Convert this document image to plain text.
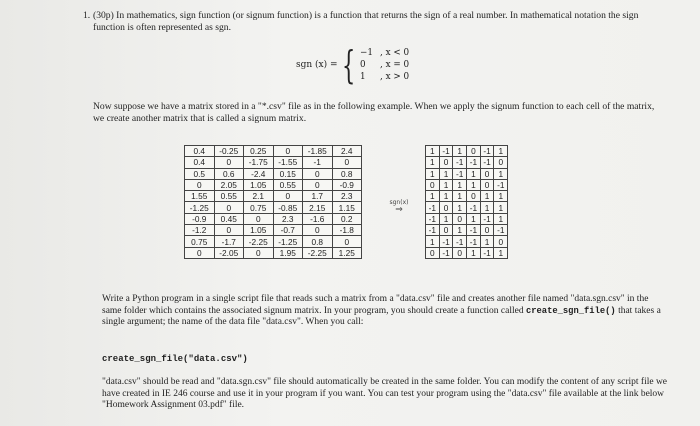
1. (30p) In mathematics, sign function (or signum function) is a function that returns the sign of a real number. In mathematical notation the sign function is often represented as sgn.

sgn (x) = { −1 , x < 0
0 , x = 0
1 , x > 0

Now suppose we have a matrix stored in a "*.csv" file as in the following example. When we apply the signum function to each cell of the matrix, we create another matrix that is called a signum matrix.

0.4	-0.25	0.25	0	-1.85	2.4
0.4	0	-1.75	-1.55	-1	0
0.5	0.6	-2.4	0.15	0	0.8
0	2.05	1.05	0.55	0	-0.9
1.55	0.55	2.1	0	1.7	2.3
-1.25	0	0.75	-0.85	2.15	1.15
-0.9	0.45	0	2.3	-1.6	0.2
-1.2	0	1.05	-0.7	0	-1.8
0.75	-1.7	-2.25	-1.25	0.8	0
0	-2.05	0	1.95	-2.25	1.25
sgn(x)
⇒
1	-1	1	0	-1	1
1	0	-1	-1	-1	0
1	1	-1	1	0	1
0	1	1	1	0	-1
1	1	1	0	1	1
-1	0	1	-1	1	1
-1	1	0	1	-1	1
-1	0	1	-1	0	-1
1	-1	-1	-1	1	0
0	-1	0	1	-1	1

Write a Python program in a single script file that reads such a matrix from a "data.csv" file and creates another file named "data.sgn.csv" in the same folder which contains the associated signum matrix. In your program, you should create a function called create_sgn_file() that takes a single argument; the name of the data file "data.csv". When you call:

create_sgn_file("data.csv")

"data.csv" should be read and "data.sgn.csv" file should automatically be created in the same folder. You can modify the content of any script file we have created in IE 246 course and use it in your program if you want. You can test your program using the "data.csv" file available at the link below "Homework Assignment 03.pdf" file.
